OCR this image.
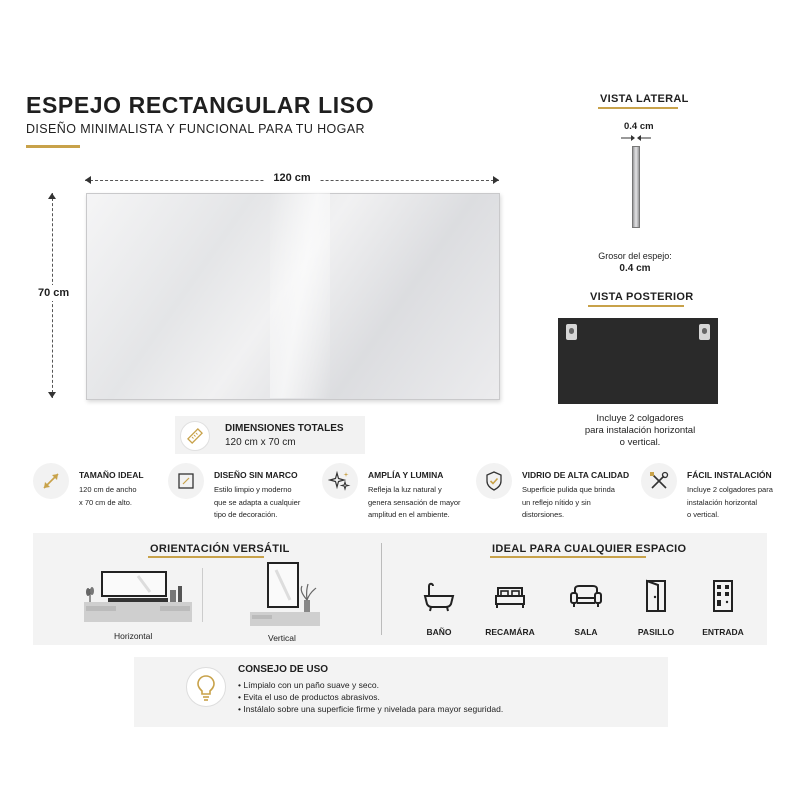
ESPEJO RECTANGULAR LISO
DISEÑO MINIMALISTA Y FUNCIONAL PARA TU HOGAR
120 cm
70 cm
VISTA LATERAL
0.4 cm
Grosor del espejo:
0.4 cm
VISTA POSTERIOR
Incluye 2 colgadores
para instalación horizontal
o vertical.
DIMENSIONES TOTALES
120 cm x 70 cm
TAMAÑO IDEAL
120 cm de ancho
x 70 cm de alto.
DISEÑO SIN MARCO
Estilo limpio y moderno
que se adapta a cualquier
tipo de decoración.
AMPLÍA Y LUMINA
Refleja la luz natural y
genera sensación de mayor
amplitud en el ambiente.
VIDRIO DE ALTA CALIDAD
Superficie pulida que brinda
un reflejo nítido y sin
distorsiones.
FÁCIL INSTALACIÓN
Incluye 2 colgadores para
instalación horizontal
o vertical.
ORIENTACIÓN VERSÁTIL
Horizontal	Vertical
IDEAL PARA CUALQUIER ESPACIO
BAÑO	RECAMÁRA	SALA	PASILLO	ENTRADA
CONSEJO DE USO
• Límpialo con un paño suave y seco.
• Evita el uso de productos abrasivos.
• Instálalo sobre una superficie firme y nivelada para mayor seguridad.
